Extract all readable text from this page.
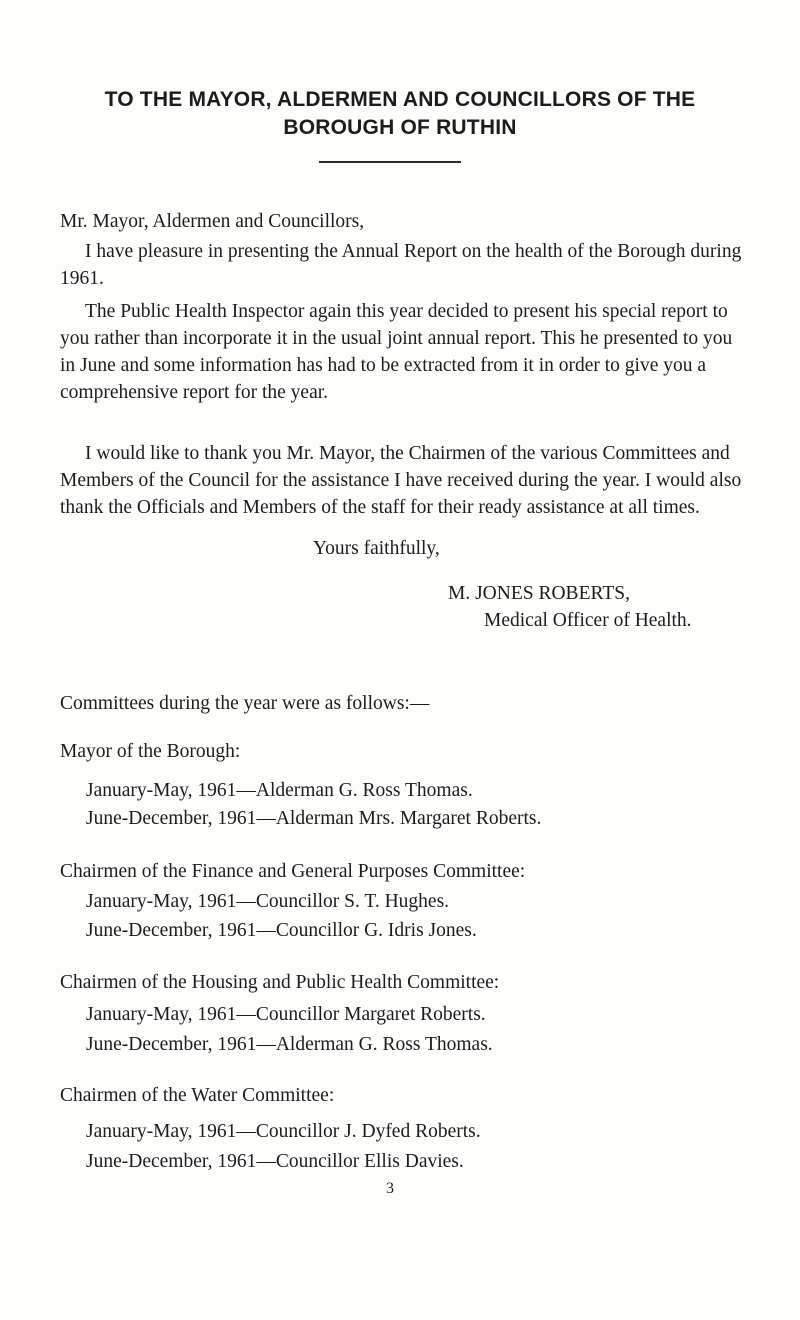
TO THE MAYOR, ALDERMEN AND COUNCILLORS OF THE
BOROUGH OF RUTHIN

Mr. Mayor, Aldermen and Councillors,

I have pleasure in presenting the Annual Report on the health of the Borough during 1961.

The Public Health Inspector again this year decided to present his special report to you rather than incorporate it in the usual joint annual report. This he presented to you in June and some information has had to be extracted from it in order to give you a comprehensive report for the year.

I would like to thank you Mr. Mayor, the Chairmen of the various Committees and Members of the Council for the assistance I have received during the year. I would also thank the Officials and Members of the staff for their ready assistance at all times.

Yours faithfully,
M. JONES ROBERTS,
Medical Officer of Health.

Committees during the year were as follows:—

Mayor of the Borough:

January-May, 1961—Alderman G. Ross Thomas.
June-December, 1961—Alderman Mrs. Margaret Roberts.

Chairmen of the Finance and General Purposes Committee:

January-May, 1961—Councillor S. T. Hughes.
June-December, 1961—Councillor G. Idris Jones.

Chairmen of the Housing and Public Health Committee:

January-May, 1961—Councillor Margaret Roberts.
June-December, 1961—Alderman G. Ross Thomas.

Chairmen of the Water Committee:

January-May, 1961—Councillor J. Dyfed Roberts.
June-December, 1961—Councillor Ellis Davies.
3
